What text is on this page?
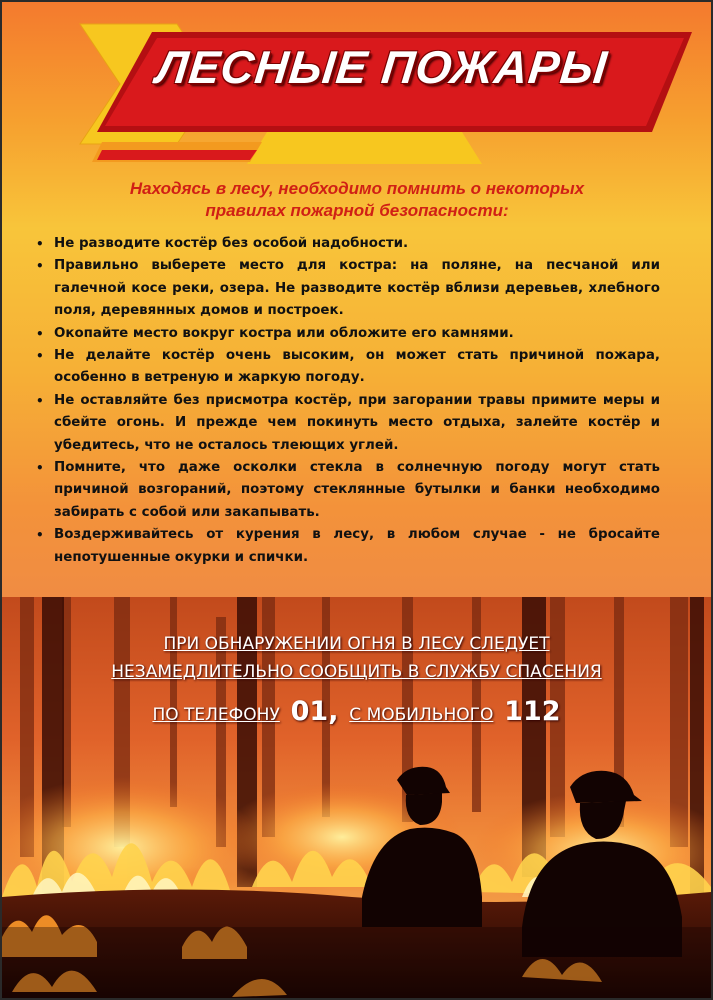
ЛЕСНЫЕ ПОЖАРЫ
Находясь в лесу, необходимо помнить о некоторых
правилах пожарной безопасности:
• Не разводите костёр без особой надобности.
• Правильно выберете место для костра: на поляне, на песчаной или галечной косе реки, озера. Не разводите костёр вблизи деревьев, хлебного поля, деревянных домов и построек.
• Окопайте место вокруг костра или обложите его камнями.
• Не делайте костёр очень высоким, он может стать причиной пожара, особенно в ветреную и жаркую погоду.
• Не оставляйте без присмотра костёр, при загорании травы примите меры и сбейте огонь. И прежде чем покинуть место отдыха, залейте костёр и убедитесь, что не осталось тлеющих углей.
• Помните, что даже осколки стекла в солнечную погоду могут стать причиной возгораний, поэтому стеклянные бутылки и банки необходимо забирать с собой или закапывать.
• Воздерживайтесь от курения в лесу, в любом случае - не бросайте непотушенные окурки и спички.
ПРИ ОБНАРУЖЕНИИ ОГНЯ В ЛЕСУ СЛЕДУЕТ
НЕЗАМЕДЛИТЕЛЬНО СООБЩИТЬ В СЛУЖБУ СПАСЕНИЯ
ПО ТЕЛЕФОНУ 01, С МОБИЛЬНОГО 112
